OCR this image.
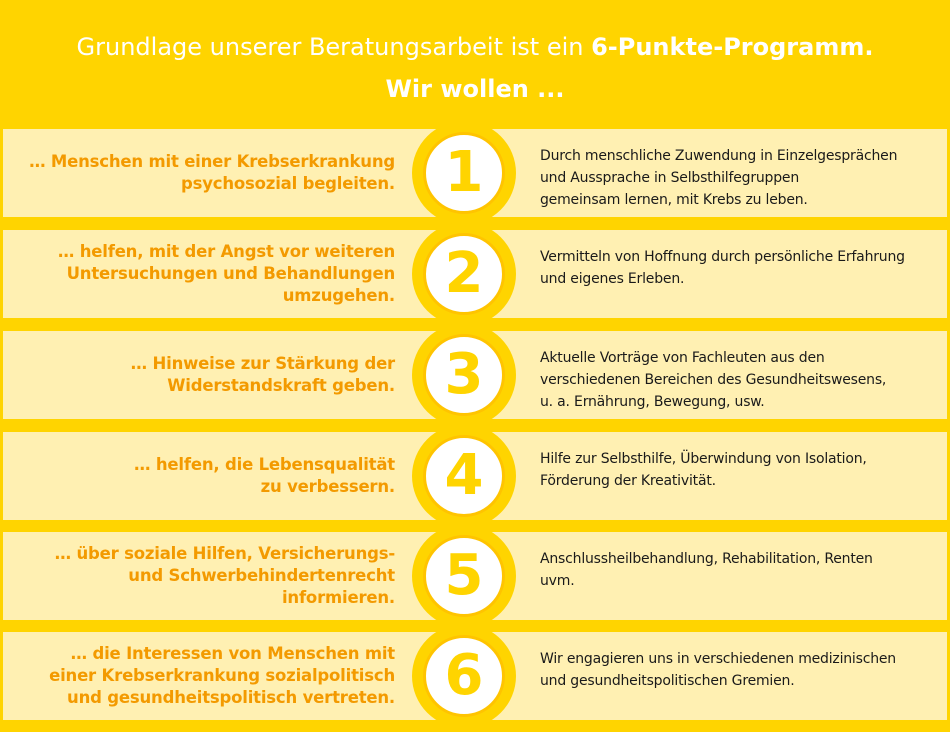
Grundlage unserer Beratungsarbeit ist ein 6-Punkte-Programm.
Wir wollen ...
… Menschen mit einer Krebserkrankung
psychosozial begleiten.
Durch menschliche Zuwendung in Einzelgesprächen
und Aussprache in Selbsthilfegruppen
gemeinsam lernen, mit Krebs zu leben.
… helfen, mit der Angst vor weiteren
Untersuchungen und Behandlungen
umzugehen.
Vermitteln von Hoffnung durch persönliche Erfahrung
und eigenes Erleben.
… Hinweise zur Stärkung der
Widerstandskraft geben.
Aktuelle Vorträge von Fachleuten aus den
verschiedenen Bereichen des Gesundheitswesens,
u. a. Ernährung, Bewegung, usw.
… helfen, die Lebensqualität
zu verbessern.
Hilfe zur Selbsthilfe, Überwindung von Isolation,
Förderung der Kreativität.
… über soziale Hilfen, Versicherungs-
und Schwerbehindertenrecht
informieren.
Anschlussheilbehandlung, Rehabilitation, Renten
uvm.
… die Interessen von Menschen mit
einer Krebserkrankung sozialpolitisch
und gesundheitspolitisch vertreten.
Wir engagieren uns in verschiedenen medizinischen
und gesundheitspolitischen Gremien.
1
2
3
4
5
6
